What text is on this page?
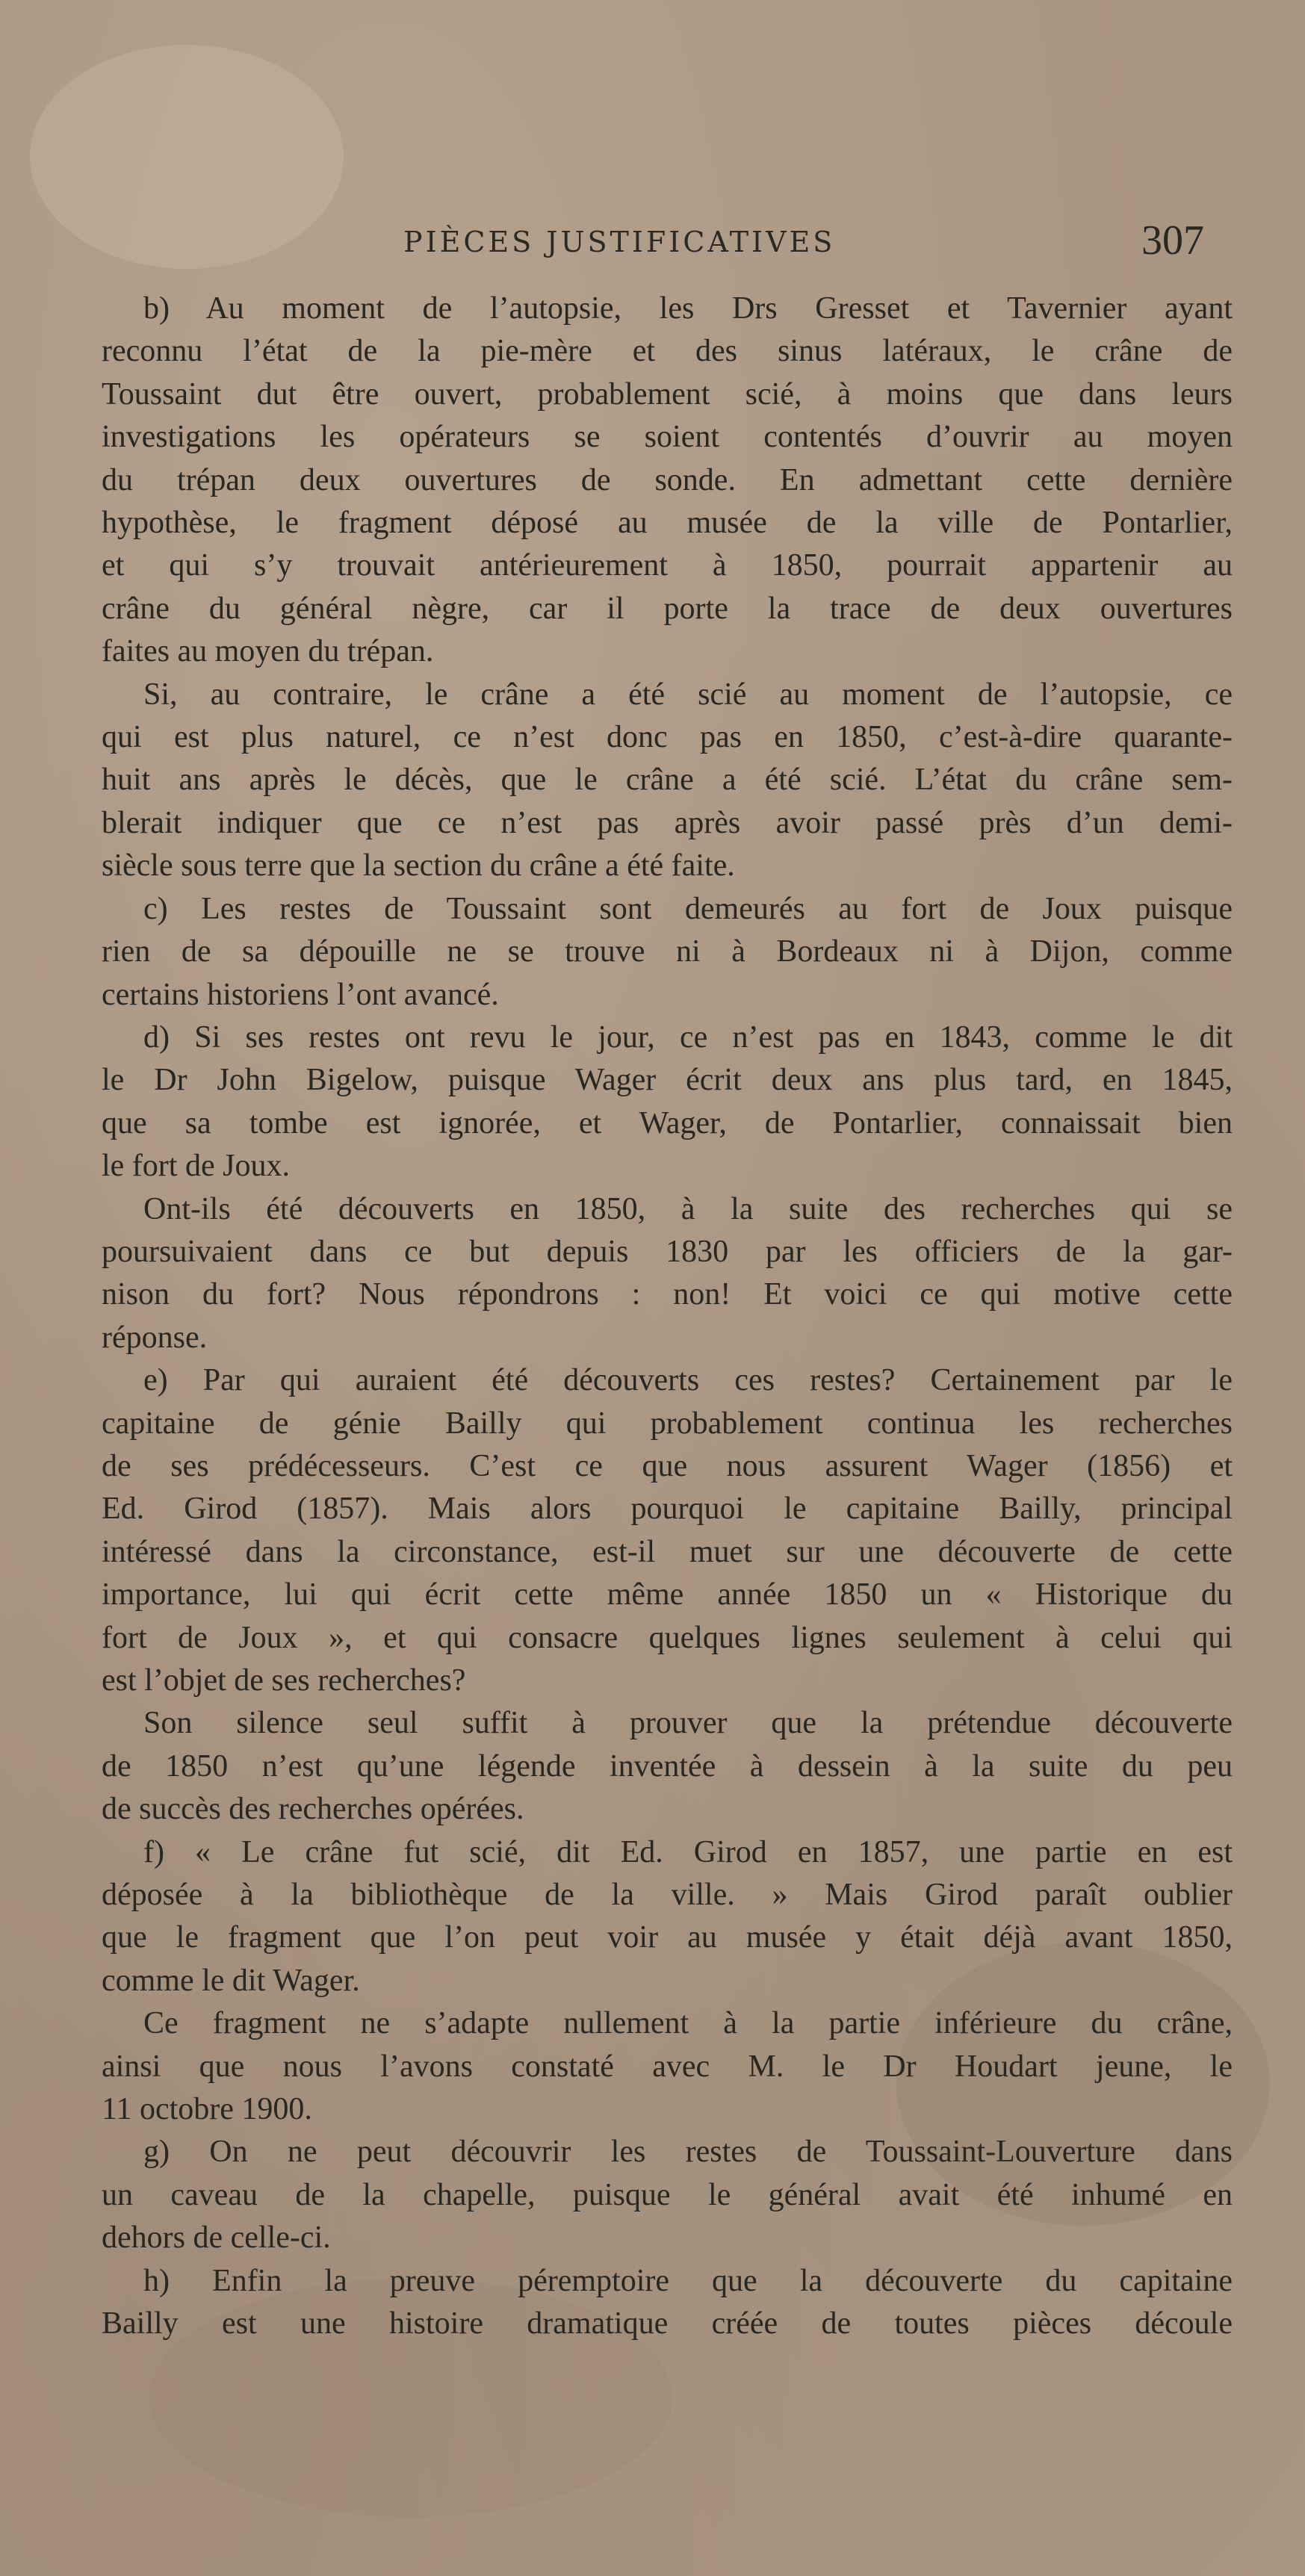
PIÈCES JUSTIFICATIVES	307

b) Au moment de l’autopsie, les Drs Gresset et Tavernier ayant
reconnu l’état de la pie-mère et des sinus latéraux, le crâne de
Toussaint dut être ouvert, probablement scié, à moins que dans leurs
investigations les opérateurs se soient contentés d’ouvrir au moyen
du trépan deux ouvertures de sonde. En admettant cette dernière
hypothèse, le fragment déposé au musée de la ville de Pontarlier,
et qui s’y trouvait antérieurement à 1850, pourrait appartenir au
crâne du général nègre, car il porte la trace de deux ouvertures
faites au moyen du trépan.

Si, au contraire, le crâne a été scié au moment de l’autopsie, ce
qui est plus naturel, ce n’est donc pas en 1850, c’est-à-dire quarante-
huit ans après le décès, que le crâne a été scié. L’état du crâne sem-
blerait indiquer que ce n’est pas après avoir passé près d’un demi-
siècle sous terre que la section du crâne a été faite.

c) Les restes de Toussaint sont demeurés au fort de Joux puisque
rien de sa dépouille ne se trouve ni à Bordeaux ni à Dijon, comme
certains historiens l’ont avancé.

d) Si ses restes ont revu le jour, ce n’est pas en 1843, comme le dit
le Dr John Bigelow, puisque Wager écrit deux ans plus tard, en 1845,
que sa tombe est ignorée, et Wager, de Pontarlier, connaissait bien
le fort de Joux.

Ont-ils été découverts en 1850, à la suite des recherches qui se
poursuivaient dans ce but depuis 1830 par les officiers de la gar-
nison du fort? Nous répondrons : non! Et voici ce qui motive cette
réponse.

e) Par qui auraient été découverts ces restes? Certainement par le
capitaine de génie Bailly qui probablement continua les recherches
de ses prédécesseurs. C’est ce que nous assurent Wager (1856) et
Ed. Girod (1857). Mais alors pourquoi le capitaine Bailly, principal
intéressé dans la circonstance, est-il muet sur une découverte de cette
importance, lui qui écrit cette même année 1850 un « Historique du
fort de Joux », et qui consacre quelques lignes seulement à celui qui
est l’objet de ses recherches?

Son silence seul suffit à prouver que la prétendue découverte
de 1850 n’est qu’une légende inventée à dessein à la suite du peu
de succès des recherches opérées.

f) « Le crâne fut scié, dit Ed. Girod en 1857, une partie en est
déposée à la bibliothèque de la ville. » Mais Girod paraît oublier
que le fragment que l’on peut voir au musée y était déjà avant 1850,
comme le dit Wager.

Ce fragment ne s’adapte nullement à la partie inférieure du crâne,
ainsi que nous l’avons constaté avec M. le Dr Houdart jeune, le
11 octobre 1900.

g) On ne peut découvrir les restes de Toussaint-Louverture dans
un caveau de la chapelle, puisque le général avait été inhumé en
dehors de celle-ci.

h) Enfin la preuve péremptoire que la découverte du capitaine
Bailly est une histoire dramatique créée de toutes pièces découle
